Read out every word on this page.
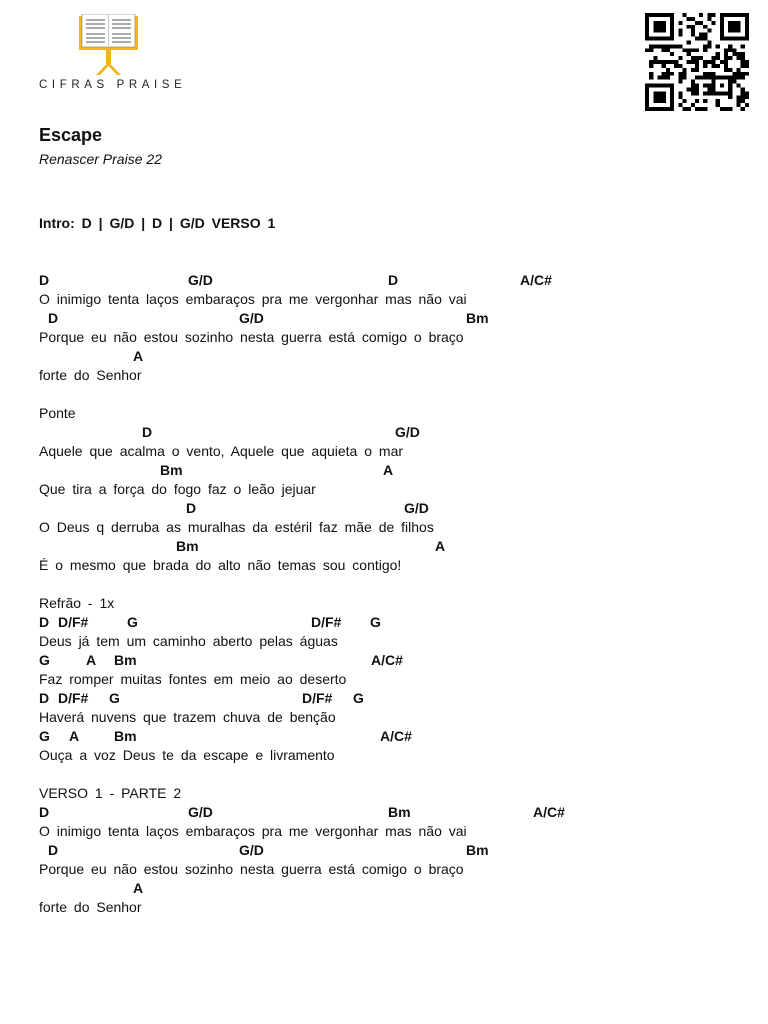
CIFRAS PRAISE
Escape
Renascer Praise 22
Intro: D | G/D | D | G/D VERSO 1
D	G/D	D	A/C#
O inimigo tenta laços embaraços pra me vergonhar mas não vai
D	G/D	Bm
Porque eu não estou sozinho nesta guerra está comigo o braço
A
forte do Senhor
Ponte
D	G/D
Aquele que acalma o vento, Aquele que aquieta o mar
Bm	A
Que tira a força do fogo faz o leão jejuar
D	G/D
O Deus q derruba as muralhas da estéril faz mãe de filhos
Bm	A
É o mesmo que brada do alto não temas sou contigo!
Refrão - 1x
D D/F#	G	D/F# G
Deus já tem um caminho aberto pelas águas
G	A Bm	A/C#
Faz romper muitas fontes em meio ao deserto
D D/F# G	D/F# G
Haverá nuvens que trazem chuva de benção
G A Bm	A/C#
Ouça a voz Deus te da escape e livramento
VERSO 1 - PARTE 2
D	G/D	Bm	A/C#
O inimigo tenta laços embaraços pra me vergonhar mas não vai
D	G/D	Bm
Porque eu não estou sozinho nesta guerra está comigo o braço
A
forte do Senhor
